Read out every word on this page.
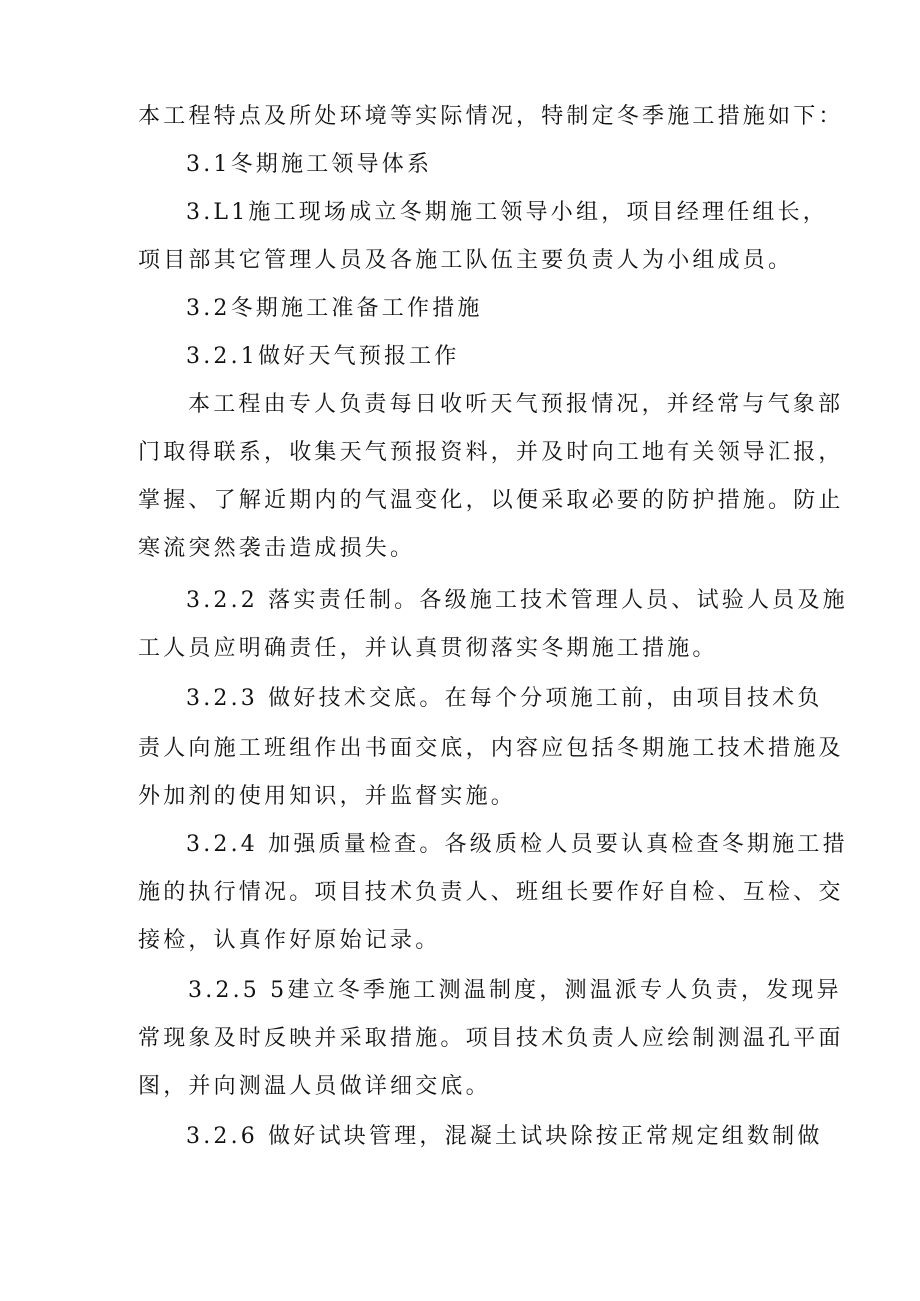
本工程特点及所处环境等实际情况，特制定冬季施工措施如下：
3.1冬期施工领导体系
3.L1施工现场成立冬期施工领导小组，项目经理任组长，
项目部其它管理人员及各施工队伍主要负责人为小组成员。
3.2冬期施工准备工作措施
3.2.1做好天气预报工作
本工程由专人负责每日收听天气预报情况，并经常与气象部
门取得联系，收集天气预报资料，并及时向工地有关领导汇报，
掌握、了解近期内的气温变化，以便采取必要的防护措施。防止
寒流突然袭击造成损失。
3.2.2 落实责任制。各级施工技术管理人员、试验人员及施
工人员应明确责任，并认真贯彻落实冬期施工措施。
3.2.3 做好技术交底。在每个分项施工前，由项目技术负
责人向施工班组作出书面交底，内容应包括冬期施工技术措施及
外加剂的使用知识，并监督实施。
3.2.4 加强质量检查。各级质检人员要认真检查冬期施工措
施的执行情况。项目技术负责人、班组长要作好自检、互检、交
接检，认真作好原始记录。
3.2.5 5建立冬季施工测温制度，测温派专人负责，发现异
常现象及时反映并采取措施。项目技术负责人应绘制测温孔平面
图，并向测温人员做详细交底。
3.2.6 做好试块管理，混凝土试块除按正常规定组数制做
